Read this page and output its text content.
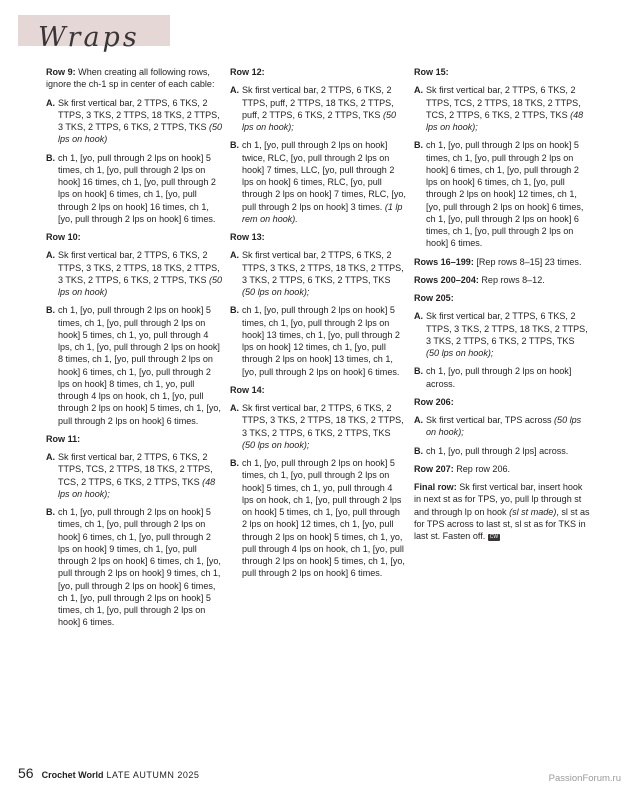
Wraps
Row 9: When creating all following rows, ignore the ch-1 sp in center of each cable:
A. Sk first vertical bar, 2 TTPS, 6 TKS, 2 TTPS, 3 TKS, 2 TTPS, 18 TKS, 2 TTPS, 3 TKS, 2 TTPS, 6 TKS, 2 TTPS, TKS (50 lps on hook)
B. ch 1, [yo, pull through 2 lps on hook] 5 times, ch 1, [yo, pull through 2 lps on hook] 16 times, ch 1, [yo, pull through 2 lps on hook] 6 times, ch 1, [yo, pull through 2 lps on hook] 16 times, ch 1, [yo, pull through 2 lps on hook] 6 times.
Row 10:
A. Sk first vertical bar, 2 TTPS, 6 TKS, 2 TTPS, 3 TKS, 2 TTPS, 18 TKS, 2 TTPS, 3 TKS, 2 TTPS, 6 TKS, 2 TTPS, TKS (50 lps on hook)
B. ch 1, [yo, pull through 2 lps on hook] 5 times, ch 1, [yo, pull through 2 lps on hook] 5 times, ch 1, yo, pull through 4 lps, ch 1, [yo, pull through 2 lps on hook] 8 times, ch 1, [yo, pull through 2 lps on hook] 6 times, ch 1, [yo, pull through 2 lps on hook] 8 times, ch 1, yo, pull through 4 lps on hook, ch 1, [yo, pull through 2 lps on hook] 5 times, ch 1, [yo, pull through 2 lps on hook] 6 times.
Row 11:
A. Sk first vertical bar, 2 TTPS, 6 TKS, 2 TTPS, TCS, 2 TTPS, 18 TKS, 2 TTPS, TCS, 2 TTPS, 6 TKS, 2 TTPS, TKS (48 lps on hook);
B. ch 1, [yo, pull through 2 lps on hook] 5 times, ch 1, [yo, pull through 2 lps on hook] 6 times, ch 1, [yo, pull through 2 lps on hook] 9 times, ch 1, [yo, pull through 2 lps on hook] 6 times, ch 1, [yo, pull through 2 lps on hook] 9 times, ch 1, [yo, pull through 2 lps on hook] 6 times, ch 1, [yo, pull through 2 lps on hook] 5 times, ch 1, [yo, pull through 2 lps on hook] 6 times.
Row 12:
A. Sk first vertical bar, 2 TTPS, 6 TKS, 2 TTPS, puff, 2 TTPS, 18 TKS, 2 TTPS, puff, 2 TTPS, 6 TKS, 2 TTPS, TKS (50 lps on hook);
B. ch 1, [yo, pull through 2 lps on hook] twice, RLC, [yo, pull through 2 lps on hook] 7 times, LLC, [yo, pull through 2 lps on hook] 6 times, RLC, [yo, pull through 2 lps on hook] 7 times, RLC, [yo, pull through 2 lps on hook] 3 times. (1 lp rem on hook).
Row 13:
A. Sk first vertical bar, 2 TTPS, 6 TKS, 2 TTPS, 3 TKS, 2 TTPS, 18 TKS, 2 TTPS, 3 TKS, 2 TTPS, 6 TKS, 2 TTPS, TKS (50 lps on hook);
B. ch 1, [yo, pull through 2 lps on hook] 5 times, ch 1, [yo, pull through 2 lps on hook] 13 times, ch 1, [yo, pull through 2 lps on hook] 12 times, ch 1, [yo, pull through 2 lps on hook] 13 times, ch 1, [yo, pull through 2 lps on hook] 6 times.
Row 14:
A. Sk first vertical bar, 2 TTPS, 6 TKS, 2 TTPS, 3 TKS, 2 TTPS, 18 TKS, 2 TTPS, 3 TKS, 2 TTPS, 6 TKS, 2 TTPS, TKS (50 lps on hook);
B. ch 1, [yo, pull through 2 lps on hook] 5 times, ch 1, [yo, pull through 2 lps on hook] 5 times, ch 1, yo, pull through 4 lps on hook, ch 1, [yo, pull through 2 lps on hook] 5 times, ch 1, [yo, pull through 2 lps on hook] 12 times, ch 1, [yo, pull through 2 lps on hook] 5 times, ch 1, yo, pull through 4 lps on hook, ch 1, [yo, pull through 2 lps on hook] 5 times, ch 1, [yo, pull through 2 lps on hook] 6 times.
Row 15:
A. Sk first vertical bar, 2 TTPS, 6 TKS, 2 TTPS, TCS, 2 TTPS, 18 TKS, 2 TTPS, TCS, 2 TTPS, 6 TKS, 2 TTPS, TKS (48 lps on hook);
B. ch 1, [yo, pull through 2 lps on hook] 5 times, ch 1, [yo, pull through 2 lps on hook] 6 times, ch 1, [yo, pull through 2 lps on hook] 6 times, ch 1, [yo, pull through 2 lps on hook] 12 times, ch 1, [yo, pull through 2 lps on hook] 6 times, ch 1, [yo, pull through 2 lps on hook] 6 times, ch 1, [yo, pull through 2 lps on hook] 6 times.
Rows 16–199: [Rep rows 8–15] 23 times.
Rows 200–204: Rep rows 8–12.
Row 205:
A. Sk first vertical bar, 2 TTPS, 6 TKS, 2 TTPS, 3 TKS, 2 TTPS, 18 TKS, 2 TTPS, 3 TKS, 2 TTPS, 6 TKS, 2 TTPS, TKS (50 lps on hook);
B. ch 1, [yo, pull through 2 lps on hook] across.
Row 206:
A. Sk first vertical bar, TPS across (50 lps on hook);
B. ch 1, [yo, pull through 2 lps] across.
Row 207: Rep row 206.
Final row: Sk first vertical bar, insert hook in next st as for TPS, yo, pull lp through st and through lp on hook (sl st made), sl st as for TPS across to last st, sl st as for TKS in last st. Fasten off. CW
56 Crochet World LATE AUTUMN 2025	PassionForum.ru
